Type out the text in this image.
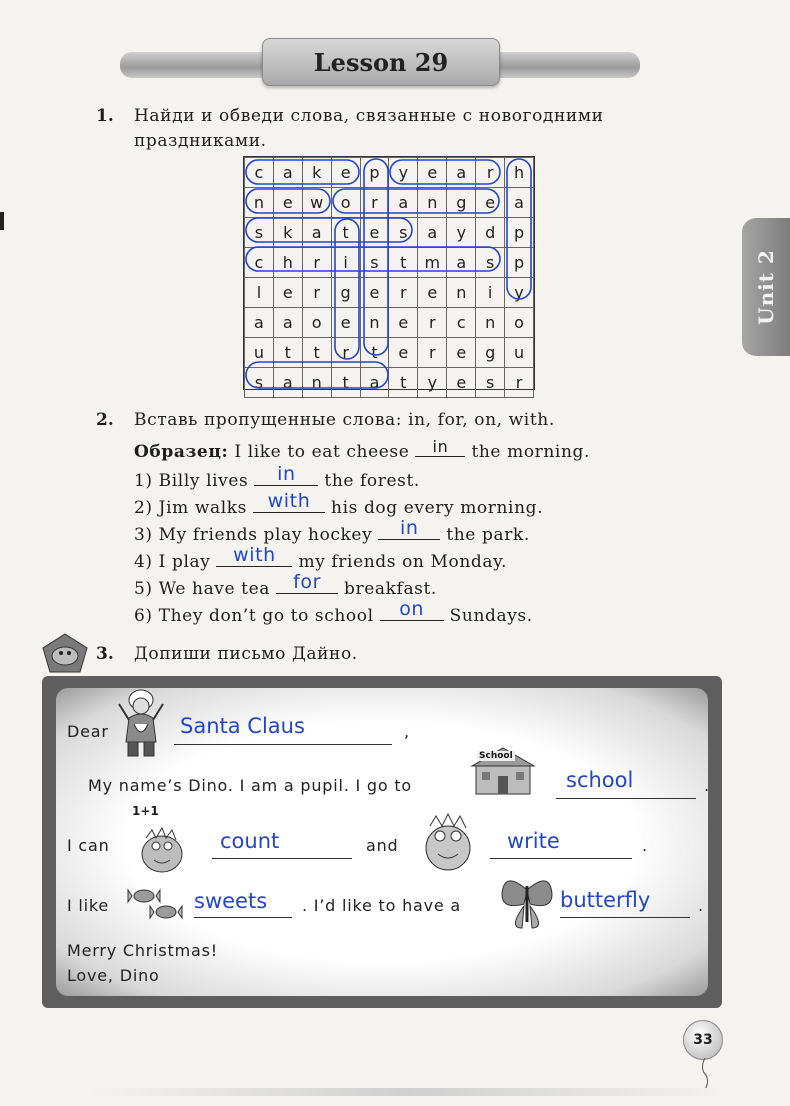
Lesson 29
Unit 2
1. Найди и обведи слова, связанные с новогодними
праздниками.
c	a	k	e	p	y	e	a	r	h
n	e	w	o	r	a	n	g	e	a
s	k	a	t	e	s	a	y	d	p
c	h	r	i	s	t	m	a	s	p
l	e	r	g	e	r	e	n	i	y
a	a	o	e	n	e	r	c	n	o
u	t	t	r	t	e	r	e	g	u
s	a	n	t	a	t	y	e	s	r
2. Вставь пропущенные слова: in, for, on, with.
Образец: I like to eat cheese	in	the morning.
1) Billy lives	in	the forest.
2) Jim walks	with	his dog every morning.
3) My friends play hockey	in	the park.
4) I play	with	my friends on Monday.
5) We have tea	for	breakfast.
6) They don’t go to school	on	Sundays.
3. Допиши письмо Дайно.
Dear	Santa Claus	,
My name’s Dino. I am a pupil. I go to
School
school	.
1+1
I can	count	and	write	.
I like	sweets . I’d like to have a	butterfly	.
Merry Christmas!
Love, Dino
33
